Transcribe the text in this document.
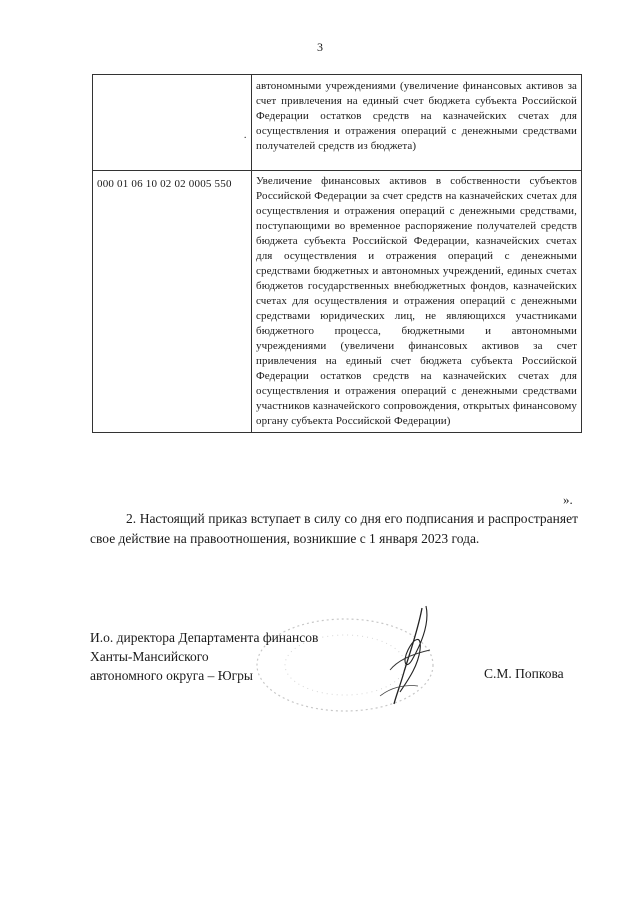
3
·	автономными учреждениями (увеличение финансовых активов за счет привлечения на единый счет бюджета субъекта Российской Федерации остатков средств на казначейских счетах для осуществления и отражения операций с денежными средствами получателей средств из бюджета)
000 01 06 10 02 02 0005 550	Увеличение финансовых активов в собственности субъектов Российской Федерации за счет средств на казначейских счетах для осуществления и отражения операций с денежными средствами, поступающими во временное распоряжение получателей средств бюджета субъекта Российской Федерации, казначейских счетах для осуществления и отражения операций с денежными средствами бюджетных и автономных учреждений, единых счетах бюджетов государственных внебюджетных фондов, казначейских счетах для осуществления и отражения операций с денежными средствами юридических лиц, не являющихся участниками бюджетного процесса, бюджетными и автономными учреждениями (увеличени финансовых активов за счет привлечения на единый счет бюджета субъекта Российской Федерации остатков средств на казначейских счетах для осуществления и отражения операций с денежными средствами участников казначейского сопровождения, открытых финансовому органу субъекта Российской Федерации)
».
2. Настоящий приказ вступает в силу со дня его подписания и распространяет свое действие на правоотношения, возникшие с 1 января 2023 года.
И.о. директора Департамента финансов
Ханты-Мансийского
автономного округа – Югры	С.М. Попкова
